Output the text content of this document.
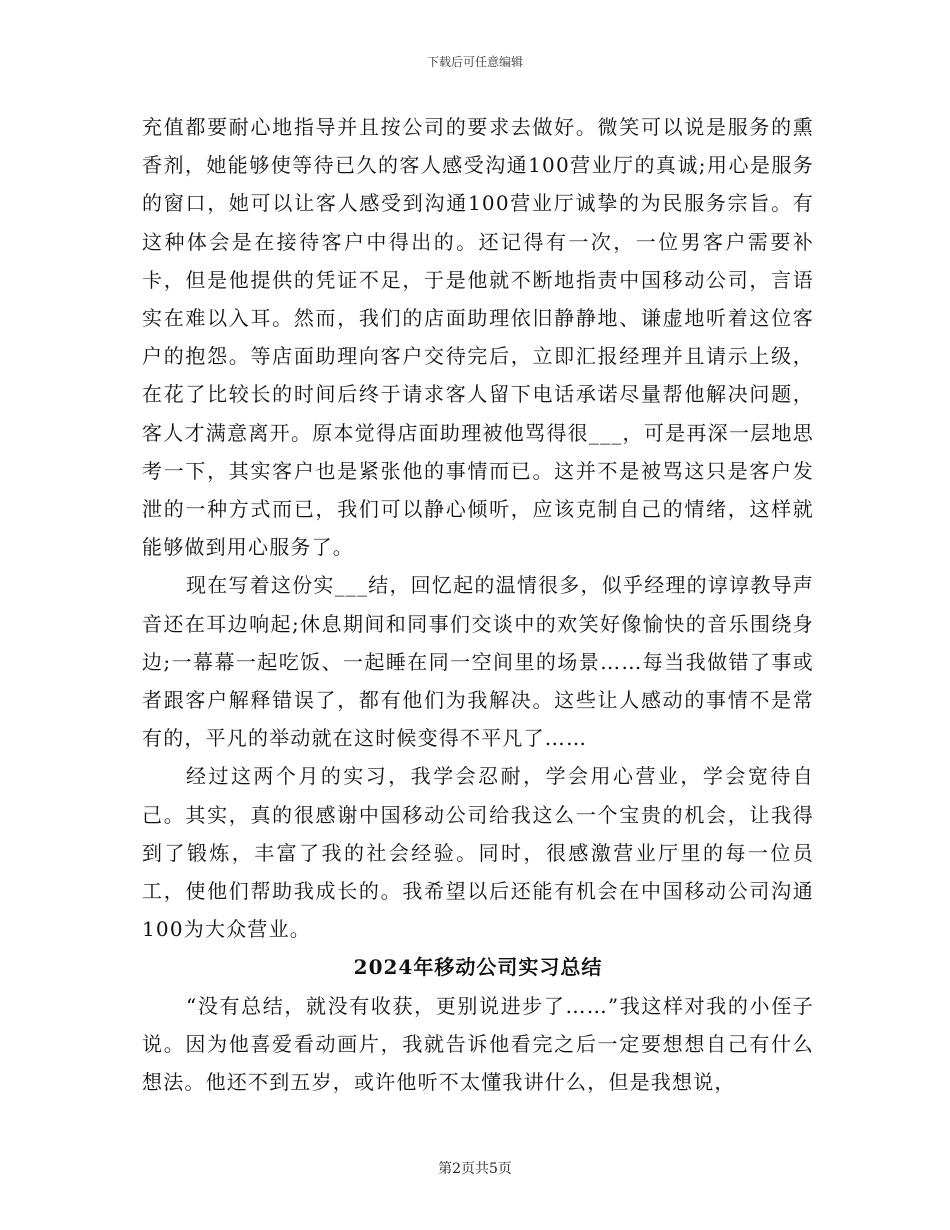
下载后可任意编辑

充值都要耐心地指导并且按公司的要求去做好。微笑可以说是服务的熏香剂，她能够使等待已久的客人感受沟通100营业厅的真诚;用心是服务的窗口，她可以让客人感受到沟通100营业厅诚挚的为民服务宗旨。有这种体会是在接待客户中得出的。还记得有一次，一位男客户需要补卡，但是他提供的凭证不足，于是他就不断地指责中国移动公司，言语实在难以入耳。然而，我们的店面助理依旧静静地、谦虚地听着这位客户的抱怨。等店面助理向客户交待完后，立即汇报经理并且请示上级，在花了比较长的时间后终于请求客人留下电话承诺尽量帮他解决问题，客人才满意离开。原本觉得店面助理被他骂得很___，可是再深一层地思考一下，其实客户也是紧张他的事情而已。这并不是被骂这只是客户发泄的一种方式而已，我们可以静心倾听，应该克制自己的情绪，这样就能够做到用心服务了。

现在写着这份实___结，回忆起的温情很多，似乎经理的谆谆教导声音还在耳边响起;休息期间和同事们交谈中的欢笑好像愉快的音乐围绕身边;一幕幕一起吃饭、一起睡在同一空间里的场景……每当我做错了事或者跟客户解释错误了，都有他们为我解决。这些让人感动的事情不是常有的，平凡的举动就在这时候变得不平凡了……

经过这两个月的实习，我学会忍耐，学会用心营业，学会宽待自己。其实，真的很感谢中国移动公司给我这么一个宝贵的机会，让我得到了锻炼，丰富了我的社会经验。同时，很感激营业厅里的每一位员工，使他们帮助我成长的。我希望以后还能有机会在中国移动公司沟通100为大众营业。

2024年移动公司实习总结

“没有总结，就没有收获，更别说进步了……”我这样对我的小侄子说。因为他喜爱看动画片，我就告诉他看完之后一定要想想自己有什么想法。他还不到五岁，或许他听不太懂我讲什么，但是我想说，

第2页共5页
